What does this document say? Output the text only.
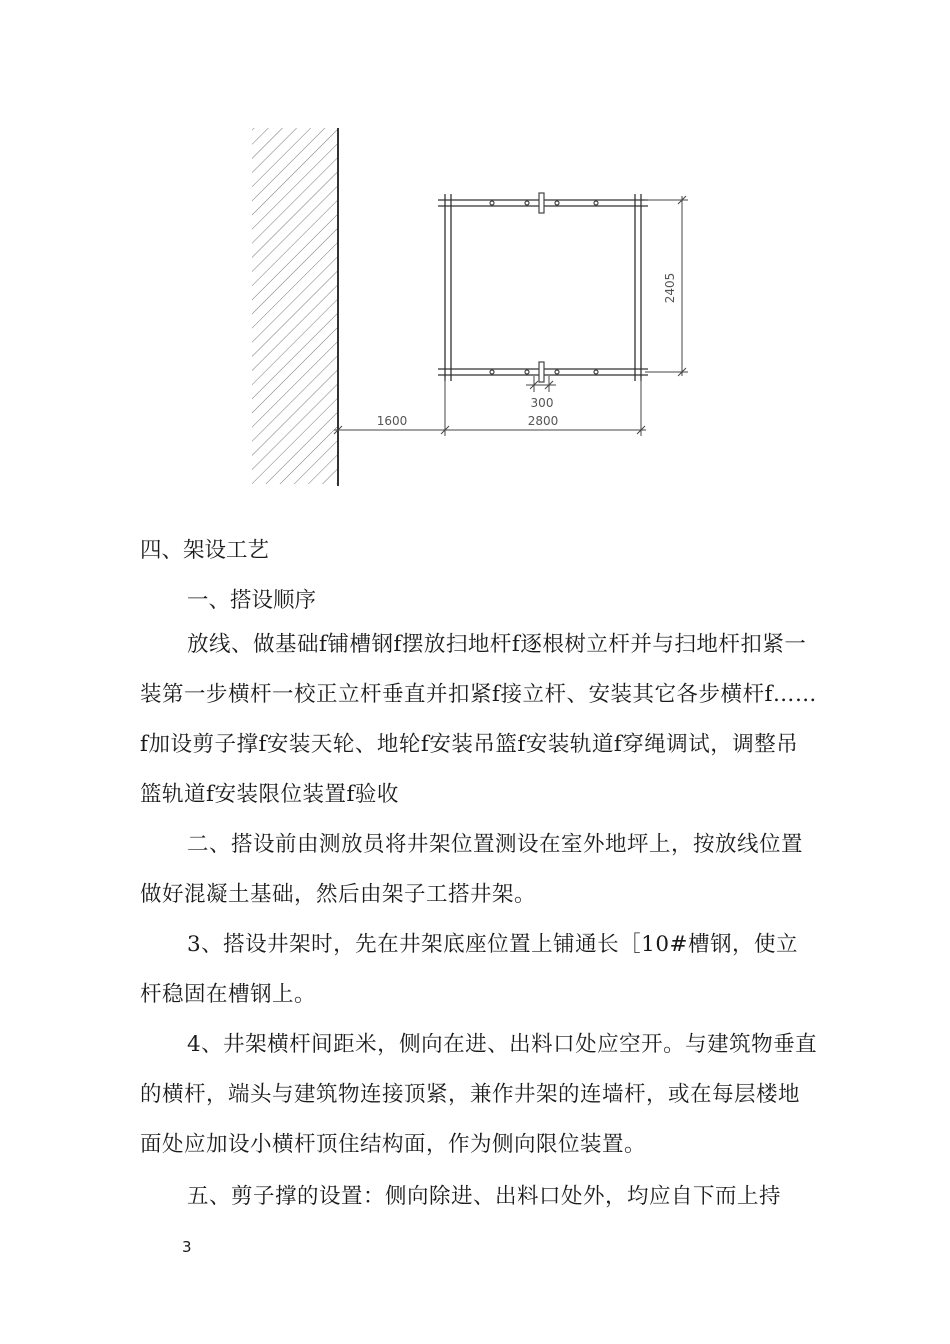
2405
300
1600	2800

四、架设工艺

一、搭设顺序

放线、做基础f铺槽钢f摆放扫地杆f逐根树立杆并与扫地杆扣紧一装第一步横杆一校正立杆垂直并扣紧f接立杆、安装其它各步横杆f……f加设剪子撑f安装天轮、地轮f安装吊篮f安装轨道f穿绳调试，调整吊篮轨道f安装限位装置f验收

二、搭设前由测放员将井架位置测设在室外地坪上，按放线位置做好混凝土基础，然后由架子工搭井架。

3、搭设井架时，先在井架底座位置上铺通长［10#槽钢，使立杆稳固在槽钢上。

4、井架横杆间距米，侧向在进、出料口处应空开。与建筑物垂直的横杆，端头与建筑物连接顶紧，兼作井架的连墙杆，或在每层楼地面处应加设小横杆顶住结构面，作为侧向限位装置。

五、剪子撑的设置：侧向除进、出料口处外，均应自下而上持

3
